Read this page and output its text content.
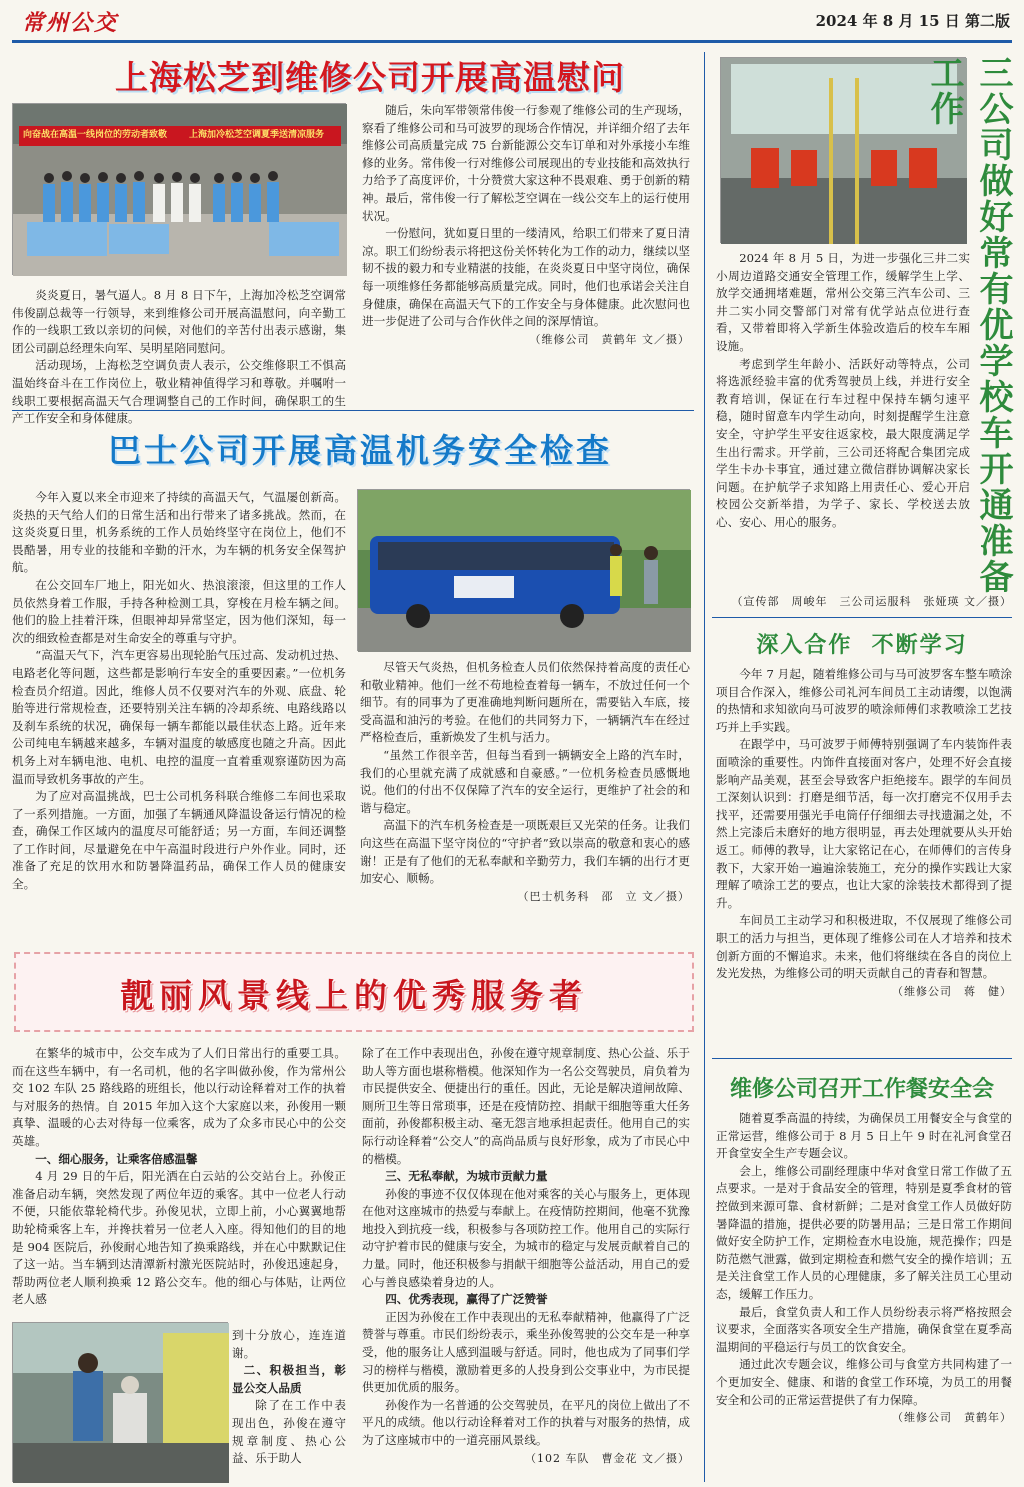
常州公交	2024 年 8 月 15 日 第二版
上海松芝到维修公司开展高温慰问
向奋战在高温一线岗位的劳动者致敬	上海加冷松芝空调夏季送清凉服务

炎炎夏日，暑气逼人。8 月 8 日下午，上海加冷松芝空调常伟俊副总裁等一行领导，来到维修公司开展高温慰问，向辛勤工作的一线职工致以亲切的问候，对他们的辛苦付出表示感谢，集团公司副总经理朱向军、吴明星陪同慰问。

活动现场，上海松芝空调负责人表示，公交维修职工不惧高温始终奋斗在工作岗位上，敬业精神值得学习和尊敬。并嘱咐一线职工要根据高温天气合理调整自己的工作时间，确保职工的生产工作安全和身体健康。

随后，朱向军带领常伟俊一行参观了维修公司的生产现场，察看了维修公司和马可波罗的现场合作情况，并详细介绍了去年维修公司高质量完成 75 台新能源公交车订单和对外承接小车维修的业务。常伟俊一行对维修公司展现出的专业技能和高效执行力给予了高度评价，十分赞赏大家这种不畏艰难、勇于创新的精神。最后，常伟俊一行了解松芝空调在一线公交车上的运行使用状况。

一份慰问，犹如夏日里的一缕清风，给职工们带来了夏日清凉。职工们纷纷表示将把这份关怀转化为工作的动力，继续以坚韧不拔的毅力和专业精湛的技能，在炎炎夏日中坚守岗位，确保每一项维修任务都能够高质量完成。同时，他们也承诺会关注自身健康，确保在高温天气下的工作安全与身体健康。此次慰问也进一步促进了公司与合作伙伴之间的深厚情谊。

（维修公司　黄鹤年 文／摄）	三公司做好常有优学校车开通准备工作

2024 年 8 月 5 日，为进一步强化三井二实小周边道路交通安全管理工作，缓解学生上学、放学交通拥堵难题，常州公交第三汽车公司、三井二实小同交警部门对常有优学站点位进行查看，又带着即将入学新生体验改造后的校车车厢设施。

考虑到学生年龄小、活跃好动等特点，公司将选派经验丰富的优秀驾驶员上线，并进行安全教育培训，保证在行车过程中保持车辆匀速平稳，随时留意车内学生动向，时刻提醒学生注意安全，守护学生平安往返家校，最大限度满足学生出行需求。开学前，三公司还将配合集团完成学生卡办卡事宜，通过建立微信群协调解决家长问题。在护航学子求知路上用责任心、爱心开启校园公交新举措，为学子、家长、学校送去放心、安心、用心的服务。

（宣传部　周峻年　三公司运服科　张娅瑛 文／摄）
巴士公司开展高温机务安全检查

今年入夏以来全市迎来了持续的高温天气，气温屡创新高。炎热的天气给人们的日常生活和出行带来了诸多挑战。然而，在这炎炎夏日里，机务系统的工作人员始终坚守在岗位上，他们不畏酷暑，用专业的技能和辛勤的汗水，为车辆的机务安全保驾护航。

在公交回车厂地上，阳光如火、热浪滚滚，但这里的工作人员依然身着工作服，手持各种检测工具，穿梭在月检车辆之间。他们的脸上挂着汗珠，但眼神却异常坚定，因为他们深知，每一次的细致检查都是对生命安全的尊重与守护。

“高温天气下，汽车更容易出现轮胎气压过高、发动机过热、电路老化等问题，这些都是影响行车安全的重要因素。”一位机务检查员介绍道。因此，维修人员不仅要对汽车的外观、底盘、轮胎等进行常规检查，还要特别关注车辆的冷却系统、电路线路以及刹车系统的状况，确保每一辆车都能以最佳状态上路。近年来公司纯电车辆越来越多，车辆对温度的敏感度也随之升高。因此机务上对车辆电池、电机、电控的温度一直着重观察谨防因为高温而导致机务事故的产生。

为了应对高温挑战，巴士公司机务科联合维修二车间也采取了一系列措施。一方面，加强了车辆通风降温设备运行情况的检查，确保工作区域内的温度尽可能舒适；另一方面，车间还调整了工作时间，尽量避免在中午高温时段进行户外作业。同时，还准备了充足的饮用水和防暑降温药品，确保工作人员的健康安全。

尽管天气炎热，但机务检查人员们依然保持着高度的责任心和敬业精神。他们一丝不苟地检查着每一辆车，不放过任何一个细节。有的同事为了更准确地判断问题所在，需要钻入车底，接受高温和油污的考验。在他们的共同努力下，一辆辆汽车在经过严格检查后，重新焕发了生机与活力。

“虽然工作很辛苦，但每当看到一辆辆安全上路的汽车时，我们的心里就充满了成就感和自豪感。”一位机务检查员感慨地说。他们的付出不仅保障了汽车的安全运行，更维护了社会的和谐与稳定。

高温下的汽车机务检查是一项既艰巨又光荣的任务。让我们向这些在高温下坚守岗位的“守护者”致以崇高的敬意和衷心的感谢！正是有了他们的无私奉献和辛勤劳力，我们车辆的出行才更加安心、顺畅。

（巴士机务科　邵　立 文／摄）
深入合作  不断学习

今年 7 月起，随着维修公司与马可波罗客车整车喷涂项目合作深入，维修公司礼河车间员工主动请缨，以饱满的热情和求知欲向马可波罗的喷涂师傅们求教喷涂工艺技巧并上手实践。

在跟学中，马可波罗于师傅特别强调了车内装饰件表面喷涂的重要性。内饰件直接面对客户，处理不好会直接影响产品美观，甚至会导致客户拒绝接车。跟学的车间员工深刻认识到：打磨是细节活，每一次打磨完不仅用手去找平，还需要用强光手电筒仔仔细细去寻找遗漏之处，不然上完漆后未磨好的地方很明显，再去处理就要从头开始返工。师傅的教导，让大家铭记在心，在师傅们的言传身教下，大家开始一遍遍涂装施工，充分的操作实践让大家理解了喷涂工艺的要点，也让大家的涂装技术都得到了提升。

车间员工主动学习和积极进取，不仅展现了维修公司职工的活力与担当，更体现了维修公司在人才培养和技术创新方面的不懈追求。未来，他们将继续在各自的岗位上发光发热，为维修公司的明天贡献自己的青春和智慧。

（维修公司　蒋　健）
靓丽风景线上的优秀服务者

在繁华的城市中，公交车成为了人们日常出行的重要工具。而在这些车辆中，有一名司机，他的名字叫做孙俊，作为常州公交 102 车队 25 路线路的班组长，他以行动诠释着对工作的执着与对服务的热情。自 2015 年加入这个大家庭以来，孙俊用一颗真挚、温暖的心去对待每一位乘客，成为了众多市民心中的公交英雄。

一、细心服务，让乘客倍感温馨

4 月 29 日的午后，阳光洒在白云站的公交站台上。孙俊正准备启动车辆，突然发现了两位年迈的乘客。其中一位老人行动不便，只能依靠轮椅代步。孙俊见状，立即上前，小心翼翼地帮助轮椅乘客上车，并搀扶着另一位老人入座。得知他们的目的地是 904 医院后，孙俊耐心地告知了换乘路线，并在心中默默记住了这一站。当车辆到达清潭新村激光医院站时，孙俊迅速起身，帮助两位老人顺利换乘 12 路公交车。他的细心与体贴，让两位老人感

到十分放心，连连道谢。
二、积极担当，彰显公交人品质

除了在工作中表现出色，孙俊在遵守规章制度、热心公益、乐于助人

除了在工作中表现出色，孙俊在遵守规章制度、热心公益、乐于助人等方面也堪称楷模。他深知作为一名公交驾驶员，肩负着为市民提供安全、便捷出行的重任。因此，无论是解决道闸故障、厕所卫生等日常琐事，还是在疫情防控、捐献干细胞等重大任务面前，孙俊都积极主动、毫无怨言地承担起责任。他用自己的实际行动诠释着“公交人”的高尚品质与良好形象，成为了市民心中的楷模。

三、无私奉献，为城市贡献力量

孙俊的事迹不仅仅体现在他对乘客的关心与服务上，更体现在他对这座城市的热爱与奉献上。在疫情防控期间，他毫不犹豫地投入到抗疫一线，积极参与各项防控工作。他用自己的实际行动守护着市民的健康与安全，为城市的稳定与发展贡献着自己的力量。同时，他还积极参与捐献干细胞等公益活动，用自己的爱心与善良感染着身边的人。

四、优秀表现，赢得了广泛赞誉

正因为孙俊在工作中表现出的无私奉献精神，他赢得了广泛赞誉与尊重。市民们纷纷表示，乘坐孙俊驾驶的公交车是一种享受，他的服务让人感到温暖与舒适。同时，他也成为了同事们学习的榜样与楷模，激励着更多的人投身到公交事业中，为市民提供更加优质的服务。

孙俊作为一名普通的公交驾驶员，在平凡的岗位上做出了不平凡的成绩。他以行动诠释着对工作的执着与对服务的热情，成为了这座城市中的一道亮丽风景线。

（102 车队　曹金花 文／摄）
维修公司召开工作餐安全会

随着夏季高温的持续，为确保员工用餐安全与食堂的正常运营，维修公司于 8 月 5 日上午 9 时在礼河食堂召开食堂安全生产专题会议。

会上，维修公司副经理康中华对食堂日常工作做了五点要求。一是对于食品安全的管理，特别是夏季食材的管控做到来源可靠、食材新鲜；二是对食堂工作人员做好防暑降温的措施，提供必要的防暑用品；三是日常工作期间做好安全防护工作，定期检查水电设施，规范操作；四是防范燃气泄露，做到定期检查和燃气安全的操作培训；五是关注食堂工作人员的心理健康，多了解关注员工心里动态，缓解工作压力。

最后，食堂负责人和工作人员纷纷表示将严格按照会议要求，全面落实各项安全生产措施，确保食堂在夏季高温期间的平稳运行与员工的饮食安全。

通过此次专题会议，维修公司与食堂方共同构建了一个更加安全、健康、和谐的食堂工作环境，为员工的用餐安全和公司的正常运营提供了有力保障。

（维修公司　黄鹤年）
